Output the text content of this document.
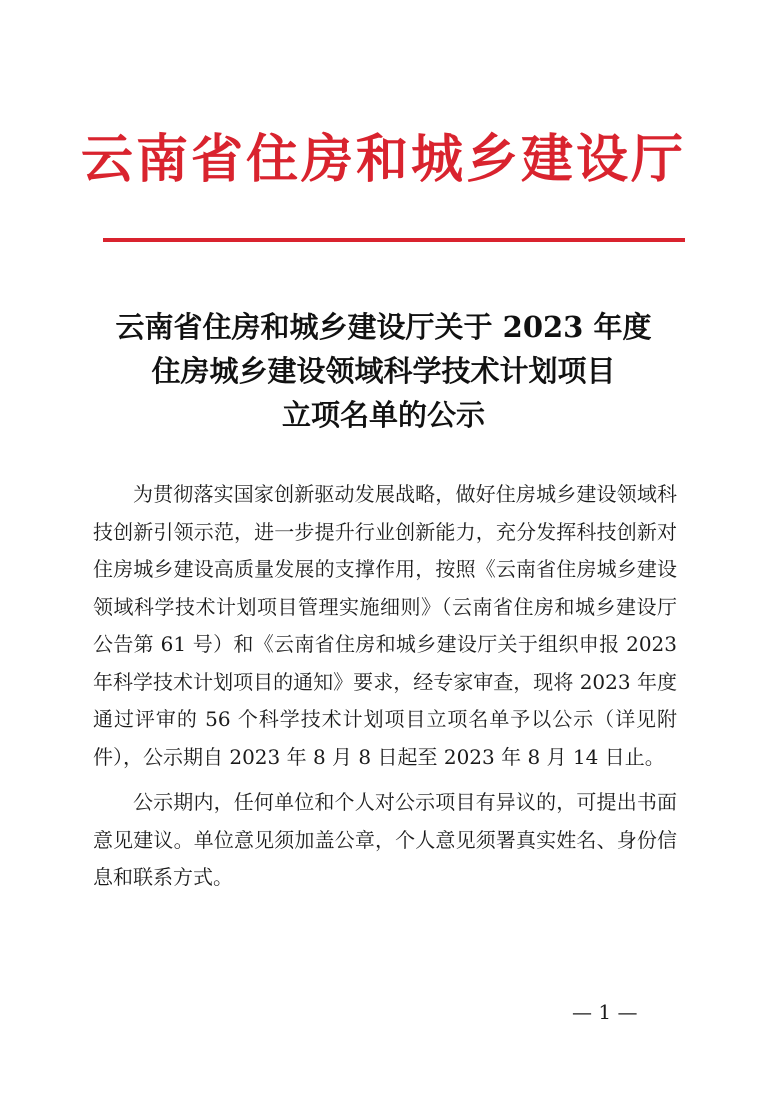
云南省住房和城乡建设厅
云南省住房和城乡建设厅关于 2023 年度
住房城乡建设领域科学技术计划项目
立项名单的公示

为贯彻落实国家创新驱动发展战略，做好住房城乡建设领域科技创新引领示范，进一步提升行业创新能力，充分发挥科技创新对住房城乡建设高质量发展的支撑作用，按照《云南省住房城乡建设领域科学技术计划项目管理实施细则》（云南省住房和城乡建设厅公告第 61 号）和《云南省住房和城乡建设厅关于组织申报 2023 年科学技术计划项目的通知》要求，经专家审查，现将 2023 年度通过评审的 56 个科学技术计划项目立项名单予以公示（详见附件），公示期自 2023 年 8 月 8 日起至 2023 年 8 月 14 日止。

公示期内，任何单位和个人对公示项目有异议的，可提出书面意见建议。单位意见须加盖公章，个人意见须署真实姓名、身份信息和联系方式。

— 1 —
